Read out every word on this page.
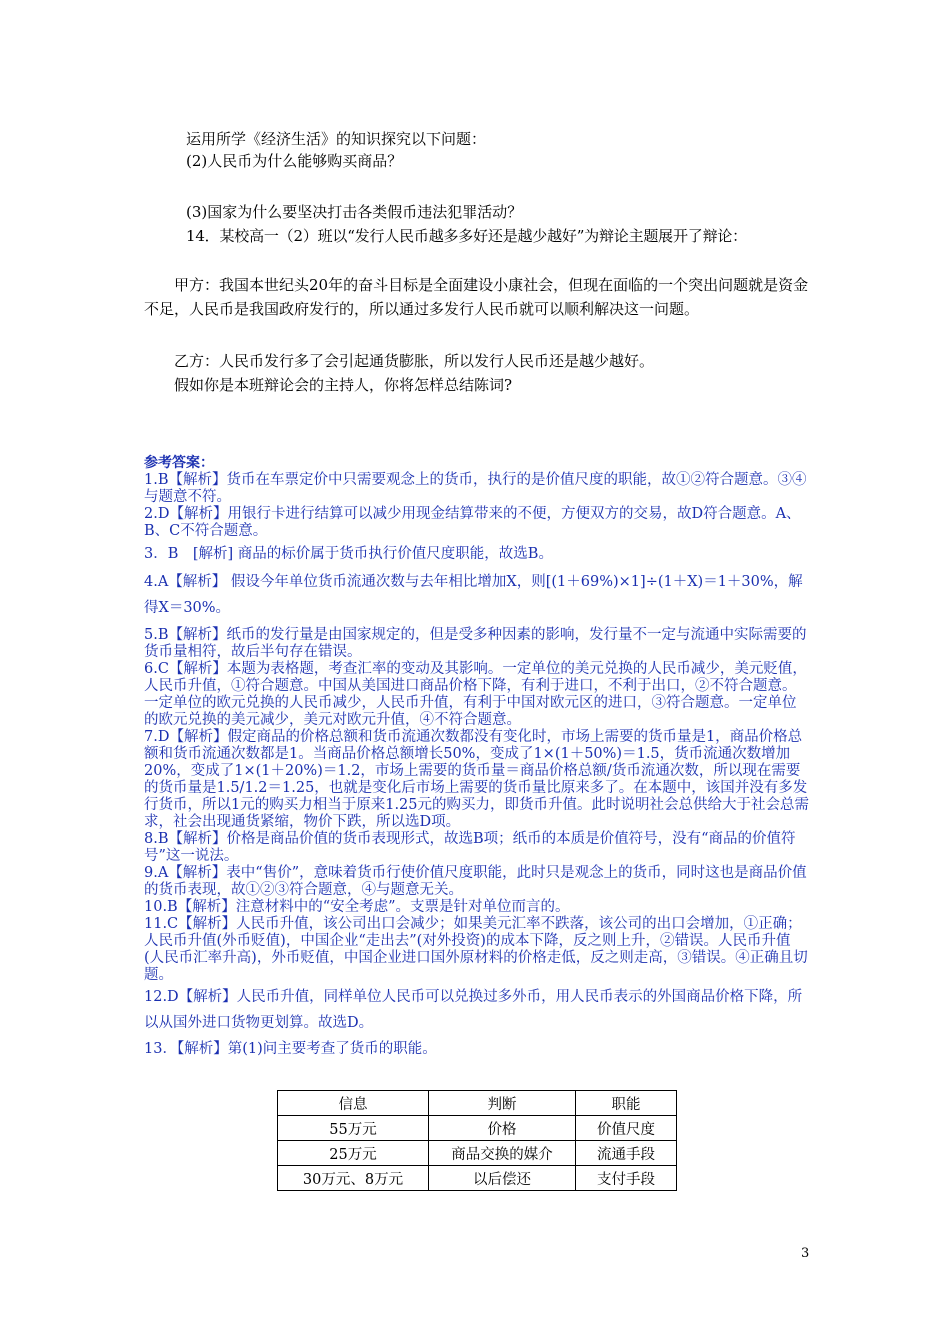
运用所学《经济生活》的知识探究以下问题：
(2)人民币为什么能够购买商品？
(3)国家为什么要坚决打击各类假币违法犯罪活动？
14．某校高一（2）班以“发行人民币越多多好还是越少越好”为辩论主题展开了辩论：
甲方：我国本世纪头20年的奋斗目标是全面建设小康社会，但现在面临的一个突出问题就是资金不足，人民币是我国政府发行的，所以通过多发行人民币就可以顺利解决这一问题。
乙方：人民币发行多了会引起通货膨胀，所以发行人民币还是越少越好。
假如你是本班辩论会的主持人，你将怎样总结陈词?
参考答案：

1.B【解析】货币在车票定价中只需要观念上的货币，执行的是价值尺度的职能，故①②符合题意。③④与题意不符。

2.D【解析】用银行卡进行结算可以减少用现金结算带来的不便，方便双方的交易，故D符合题意。A、B、C不符合题意。

3．B　[解析] 商品的标价属于货币执行价值尺度职能，故选B。

4.A【解析】 假设今年单位货币流通次数与去年相比增加X，则[(1＋69%)×1]÷(1＋X)＝1＋30%，解得X＝30%。

5.B【解析】纸币的发行量是由国家规定的，但是受多种因素的影响，发行量不一定与流通中实际需要的货币量相符，故后半句存在错误。

6.C【解析】本题为表格题，考查汇率的变动及其影响。一定单位的美元兑换的人民币减少，美元贬值，人民币升值，①符合题意。中国从美国进口商品价格下降，有利于进口，不利于出口，②不符合题意。一定单位的欧元兑换的人民币减少，人民币升值，有利于中国对欧元区的进口，③符合题意。一定单位的欧元兑换的美元减少，美元对欧元升值，④不符合题意。

7.D【解析】假定商品的价格总额和货币流通次数都没有变化时，市场上需要的货币量是1，商品价格总额和货币流通次数都是1。当商品价格总额增长50%，变成了1×(1＋50%)＝1.5，货币流通次数增加20%，变成了1×(1＋20%)＝1.2，市场上需要的货币量＝商品价格总额/货币流通次数，所以现在需要的货币量是1.5/1.2＝1.25，也就是变化后市场上需要的货币量比原来多了。在本题中，该国并没有多发行货币，所以1元的购买力相当于原来1.25元的购买力，即货币升值。此时说明社会总供给大于社会总需求，社会出现通货紧缩，物价下跌，所以选D项。

8.B【解析】价格是商品价值的货币表现形式，故选B项；纸币的本质是价值符号，没有“商品的价值符号”这一说法。

9.A【解析】表中“售价”，意味着货币行使价值尺度职能，此时只是观念上的货币，同时这也是商品价值的货币表现，故①②③符合题意，④与题意无关。

10.B【解析】注意材料中的“安全考虑”。支票是针对单位而言的。

11.C【解析】人民币升值，该公司出口会减少；如果美元汇率不跌落，该公司的出口会增加，①正确；人民币升值(外币贬值)，中国企业“走出去”(对外投资)的成本下降，反之则上升，②错误。人民币升值(人民币汇率升高)，外币贬值，中国企业进口国外原材料的价格走低，反之则走高，③错误。④正确且切题。

12.D【解析】人民币升值，同样单位人民币可以兑换过多外币，用人民币表示的外国商品价格下降，所以从国外进口货物更划算。故选D。

13．【解析】第(1)问主要考查了货币的职能。

信息	判断	职能
55万元	价格	价值尺度
25万元	商品交换的媒介	流通手段
30万元、8万元	以后偿还	支付手段
3
